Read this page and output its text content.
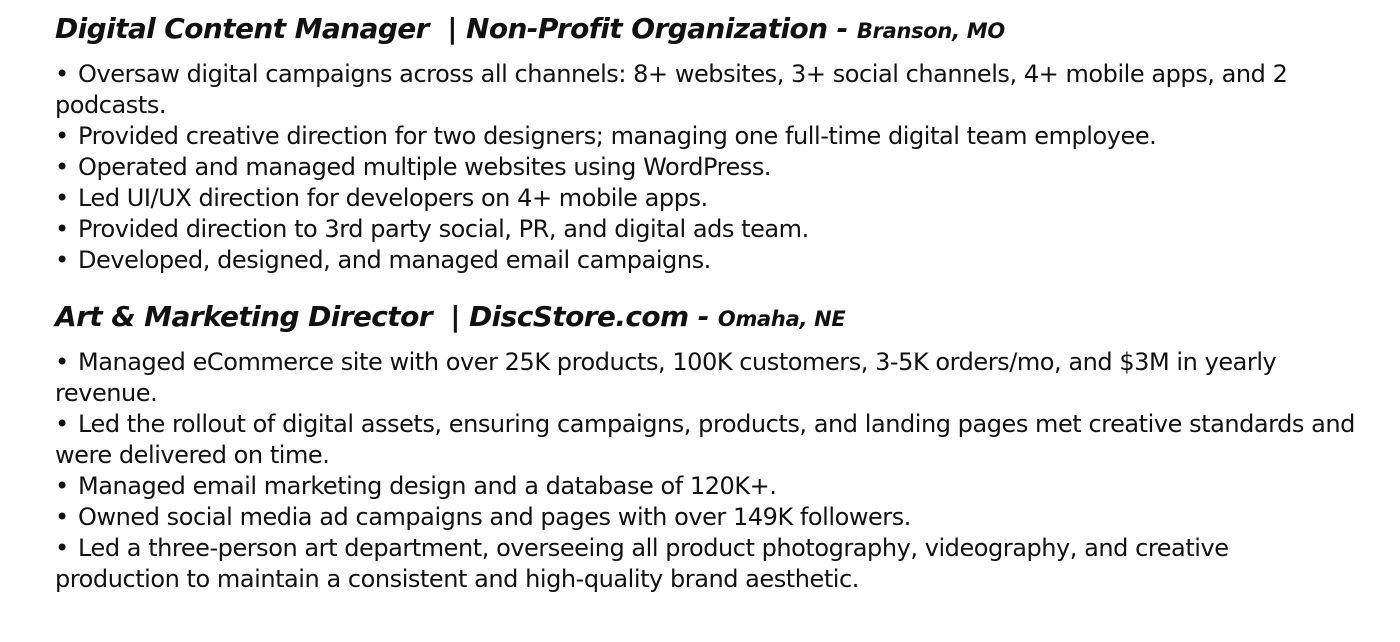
Digital Content Manager | Non-Profit Organization - Branson, MO
• Oversaw digital campaigns across all channels: 8+ websites, 3+ social channels, 4+ mobile apps, and 2 podcasts.
• Provided creative direction for two designers; managing one full-time digital team employee.
• Operated and managed multiple websites using WordPress.
• Led UI/UX direction for developers on 4+ mobile apps.
• Provided direction to 3rd party social, PR, and digital ads team.
• Developed, designed, and managed email campaigns.
Art & Marketing Director | DiscStore.com - Omaha, NE
• Managed eCommerce site with over 25K products, 100K customers, 3-5K orders/mo, and $3M in yearly revenue.
• Led the rollout of digital assets, ensuring campaigns, products, and landing pages met creative standards and were delivered on time.
• Managed email marketing design and a database of 120K+.
• Owned social media ad campaigns and pages with over 149K followers.
• Led a three-person art department, overseeing all product photography, videography, and creative production to maintain a consistent and high-quality brand aesthetic.
